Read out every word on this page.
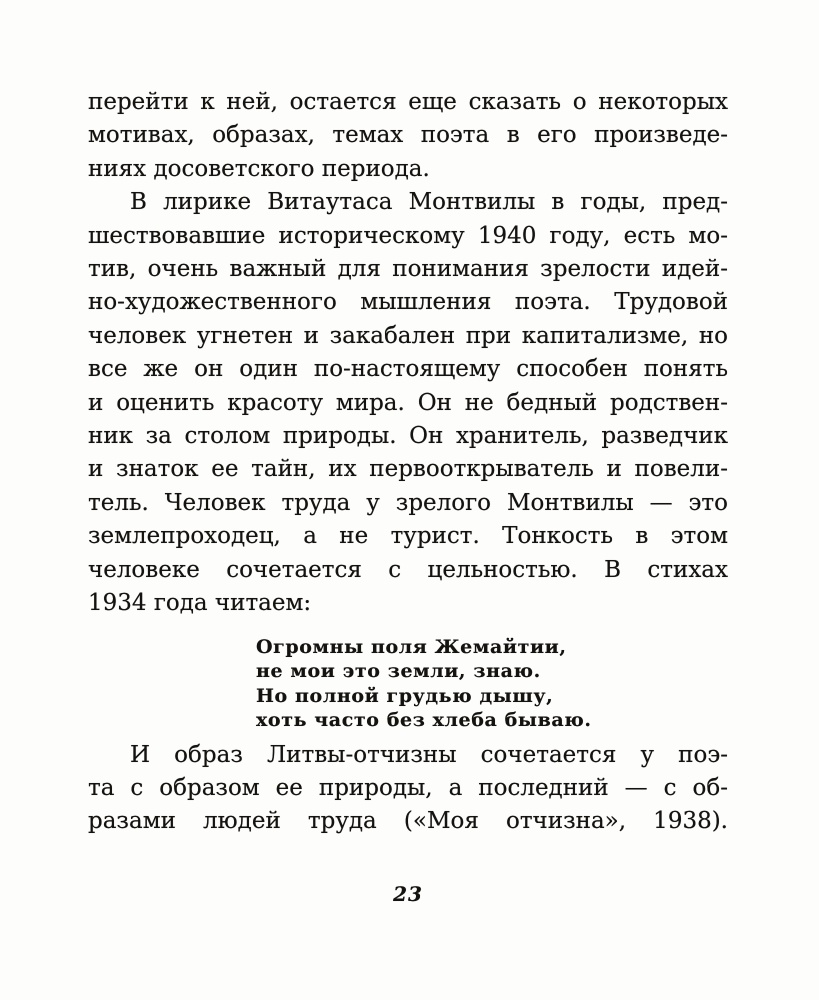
перейти к ней, остается еще сказать о некоторых
мотивах, образах, темах поэта в его произведе-
ниях досоветского периода.
В лирике Витаутаса Монтвилы в годы, пред-
шествовавшие историческому 1940 году, есть мо-
тив, очень важный для понимания зрелости идей-
но-художественного мышления поэта. Трудовой
человек угнетен и закабален при капитализме, но
все же он один по-настоящему способен понять
и оценить красоту мира. Он не бедный родствен-
ник за столом природы. Он хранитель, разведчик
и знаток ее тайн, их первооткрыватель и повели-
тель. Человек труда у зрелого Монтвилы — это
землепроходец, а не турист. Тонкость в этом
человеке сочетается с цельностью. В стихах
1934 года читаем:
Огромны поля Жемайтии,
не мои это земли, знаю.
Но полной грудью дышу,
хоть часто без хлеба бываю.
И образ Литвы-отчизны сочетается у поэ-
та с образом ее природы, а последний — с об-
разами людей труда («Моя отчизна», 1938).
23
